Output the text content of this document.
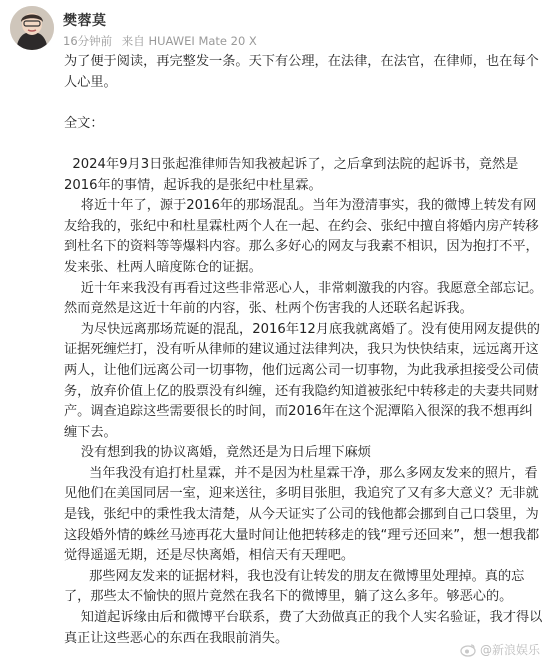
樊蓉莫
16分钟前 来自 HUAWEI Mate 20 X

为了便于阅读，再完整发一条。天下有公理，在法律，在法官，在律师，也在每个人心里。

全文：

2024年9月3日张起淮律师告知我被起诉了，之后拿到法院的起诉书，竟然是2016年的事情，起诉我的是张纪中杜星霖。

将近十年了，源于2016年的那场混乱。当年为澄清事实，我的微博上转发有网友给我的，张纪中和杜星霖杜两个人在一起、在约会、张纪中擅自将婚内房产转移到杜名下的资料等等爆料内容。那么多好心的网友与我素不相识，因为抱打不平，发来张、杜两人暗度陈仓的证据。

近十年来我没有再看过这些非常恶心人，非常刺激我的内容。我愿意全部忘记。然而竟然是这近十年前的内容，张、杜两个伤害我的人还联名起诉我。

为尽快远离那场荒诞的混乱，2016年12月底我就离婚了。没有使用网友提供的证据死缠烂打，没有听从律师的建议通过法律判决，我只为快快结束，远远离开这两人，让他们远离公司一切事物，他们远离公司一切事物，为此我承担接受公司债务，放弃价值上亿的股票没有纠缠，还有我隐约知道被张纪中转移走的夫妻共同财产。调查追踪这些需要很长的时间，而2016年在这个泥潭陷入很深的我不想再纠缠下去。

没有想到我的协议离婚，竟然还是为日后埋下麻烦

当年我没有追打杜星霖，并不是因为杜星霖干净，那么多网友发来的照片，看见他们在美国同居一室，迎来送往，多明目张胆，我追究了又有多大意义？无非就是钱，张纪中的秉性我太清楚，从今天证实了公司的钱他都会挪到自己口袋里，为这段婚外情的蛛丝马迹再花大量时间让他把转移走的钱“理亏还回来”，想一想我都觉得遥遥无期，还是尽快离婚，相信天有天理吧。

那些网友发来的证据材料，我也没有让转发的朋友在微博里处理掉。真的忘了，那些太不愉快的照片竟然在我名下的微博里，躺了这么多年。够恶心的。

知道起诉缘由后和微博平台联系，费了大劲做真正的我个人实名验证，我才得以真正让这些恶心的东西在我眼前消失。

@新浪娱乐
